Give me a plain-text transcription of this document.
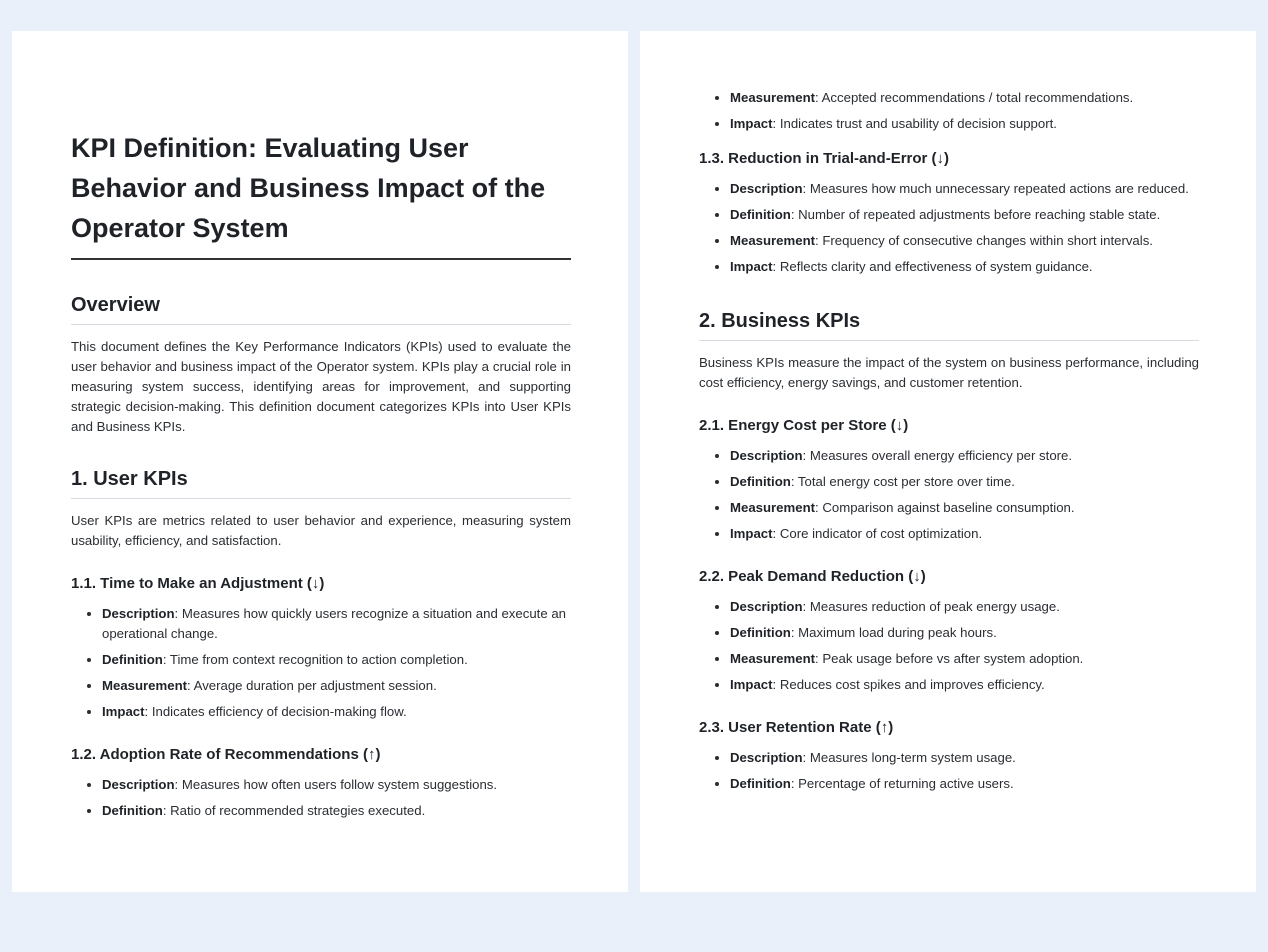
KPI Definition: Evaluating User Behavior and Business Impact of the Operator System
Overview

This document defines the Key Performance Indicators (KPIs) used to evaluate the user behavior and business impact of the Operator system. KPIs play a crucial role in measuring system success, identifying areas for improvement, and supporting strategic decision-making. This definition document categorizes KPIs into User KPIs and Business KPIs.

1. User KPIs

User KPIs are metrics related to user behavior and experience, measuring system usability, efficiency, and satisfaction.

1.1. Time to Make an Adjustment (↓)
• Description: Measures how quickly users recognize a situation and execute an operational change.
• Definition: Time from context recognition to action completion.
• Measurement: Average duration per adjustment session.
• Impact: Indicates efficiency of decision-making flow.
1.2. Adoption Rate of Recommendations (↑)
• Description: Measures how often users follow system suggestions.
• Definition: Ratio of recommended strategies executed.
• Measurement: Accepted recommendations / total recommendations.
• Impact: Indicates trust and usability of decision support.
1.3. Reduction in Trial-and-Error (↓)
• Description: Measures how much unnecessary repeated actions are reduced.
• Definition: Number of repeated adjustments before reaching stable state.
• Measurement: Frequency of consecutive changes within short intervals.
• Impact: Reflects clarity and effectiveness of system guidance.
2. Business KPIs

Business KPIs measure the impact of the system on business performance, including cost efficiency, energy savings, and customer retention.

2.1. Energy Cost per Store (↓)
• Description: Measures overall energy efficiency per store.
• Definition: Total energy cost per store over time.
• Measurement: Comparison against baseline consumption.
• Impact: Core indicator of cost optimization.
2.2. Peak Demand Reduction (↓)
• Description: Measures reduction of peak energy usage.
• Definition: Maximum load during peak hours.
• Measurement: Peak usage before vs after system adoption.
• Impact: Reduces cost spikes and improves efficiency.
2.3. User Retention Rate (↑)
• Description: Measures long-term system usage.
• Definition: Percentage of returning active users.
